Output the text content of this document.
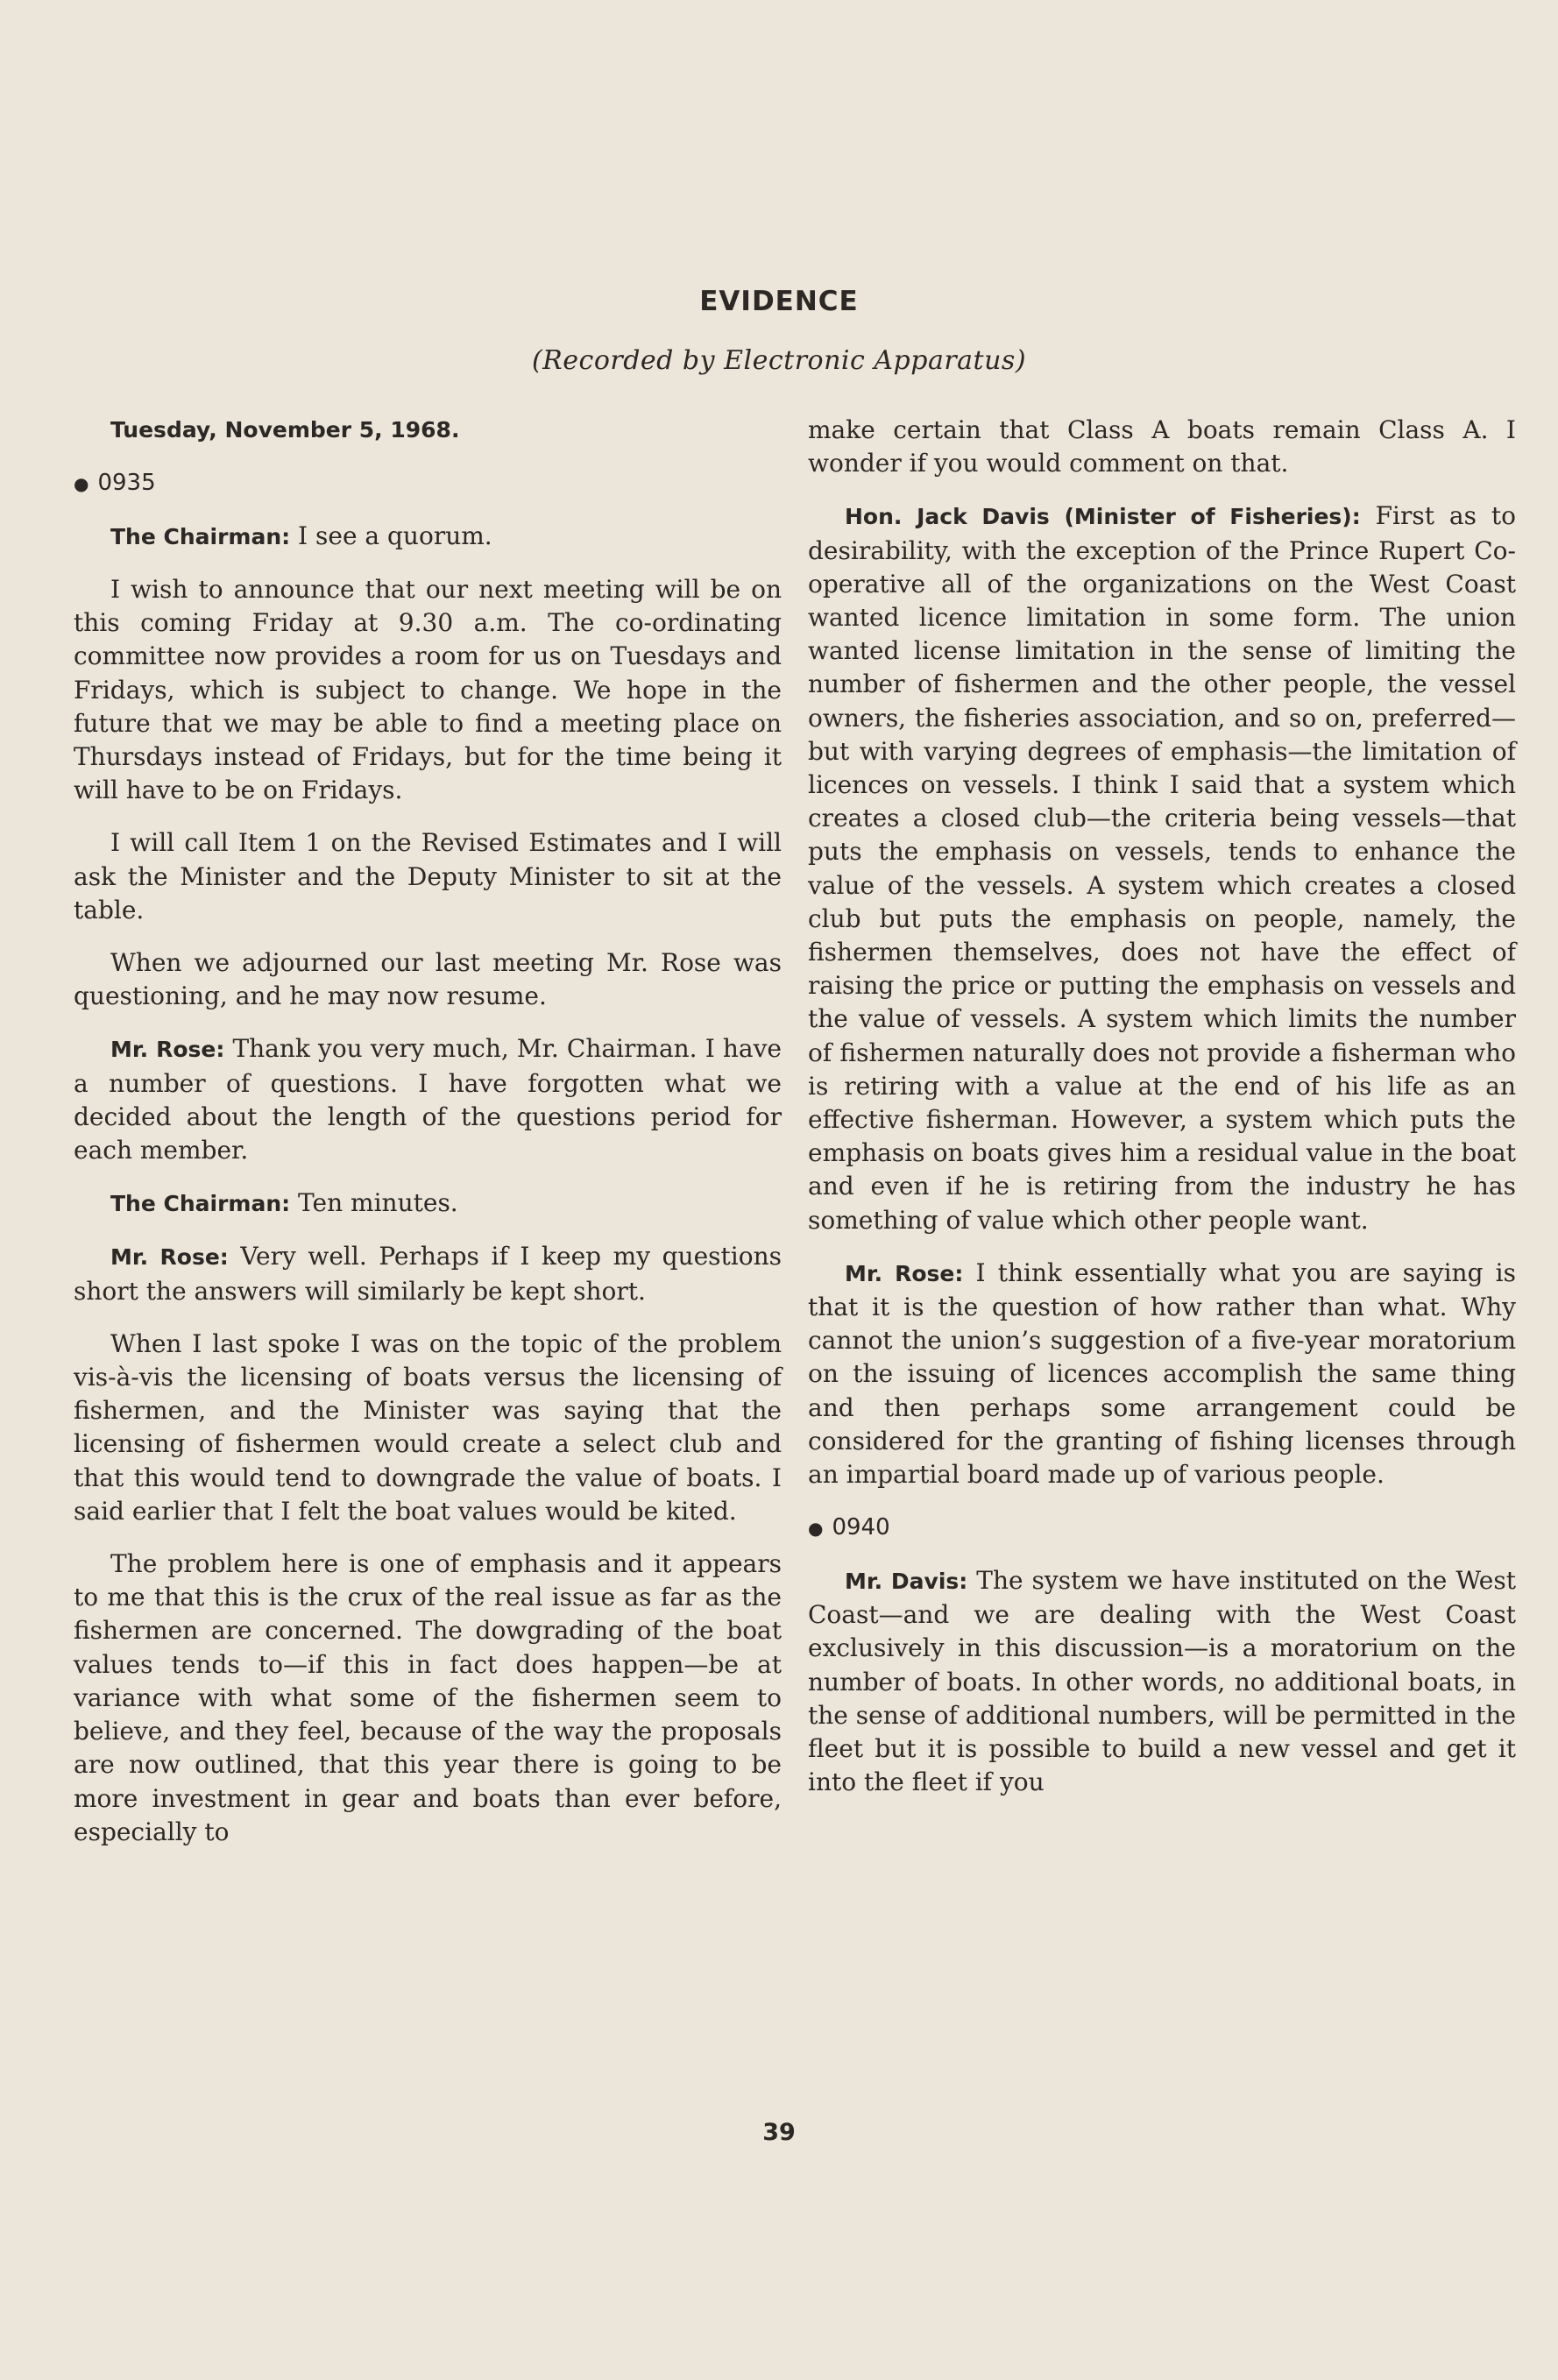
EVIDENCE
(Recorded by Electronic Apparatus)

Tuesday, November 5, 1968.

● 0935

The Chairman: I see a quorum.

I wish to announce that our next meeting will be on this coming Friday at 9.30 a.m. The co-ordinating committee now provides a room for us on Tuesdays and Fridays, which is subject to change. We hope in the future that we may be able to find a meeting place on Thursdays instead of Fridays, but for the time being it will have to be on Fridays.

I will call Item 1 on the Revised Estimates and I will ask the Minister and the Deputy Minister to sit at the table.

When we adjourned our last meeting Mr. Rose was questioning, and he may now resume.

Mr. Rose: Thank you very much, Mr. Chairman. I have a number of questions. I have forgotten what we decided about the length of the questions period for each member.

The Chairman: Ten minutes.

Mr. Rose: Very well. Perhaps if I keep my questions short the answers will similarly be kept short.

When I last spoke I was on the topic of the problem vis-à-vis the licensing of boats versus the licensing of fishermen, and the Minister was saying that the licensing of fishermen would create a select club and that this would tend to downgrade the value of boats. I said earlier that I felt the boat values would be kited.

The problem here is one of emphasis and it appears to me that this is the crux of the real issue as far as the fishermen are concerned. The dowgrading of the boat values tends to—if this in fact does happen—be at variance with what some of the fishermen seem to believe, and they feel, because of the way the proposals are now outlined, that this year there is going to be more investment in gear and boats than ever before, especially to

make certain that Class A boats remain Class A. I wonder if you would comment on that.

Hon. Jack Davis (Minister of Fisheries): First as to desirability, with the exception of the Prince Rupert Co-operative all of the organizations on the West Coast wanted licence limitation in some form. The union wanted license limitation in the sense of limiting the number of fishermen and the other people, the vessel owners, the fisheries association, and so on, preferred—but with varying degrees of emphasis—the limitation of licences on vessels. I think I said that a system which creates a closed club—the criteria being vessels—that puts the emphasis on vessels, tends to enhance the value of the vessels. A system which creates a closed club but puts the emphasis on people, namely, the fishermen themselves, does not have the effect of raising the price or putting the emphasis on vessels and the value of vessels. A system which limits the number of fishermen naturally does not provide a fisherman who is retiring with a value at the end of his life as an effective fisherman. However, a system which puts the emphasis on boats gives him a residual value in the boat and even if he is retiring from the industry he has something of value which other people want.

Mr. Rose: I think essentially what you are saying is that it is the question of how rather than what. Why cannot the union’s suggestion of a five-year moratorium on the issuing of licences accomplish the same thing and then perhaps some arrangement could be considered for the granting of fishing licenses through an impartial board made up of various people.

● 0940

Mr. Davis: The system we have instituted on the West Coast—and we are dealing with the West Coast exclusively in this discussion—is a moratorium on the number of boats. In other words, no additional boats, in the sense of additional numbers, will be permitted in the fleet but it is possible to build a new vessel and get it into the fleet if you

39
